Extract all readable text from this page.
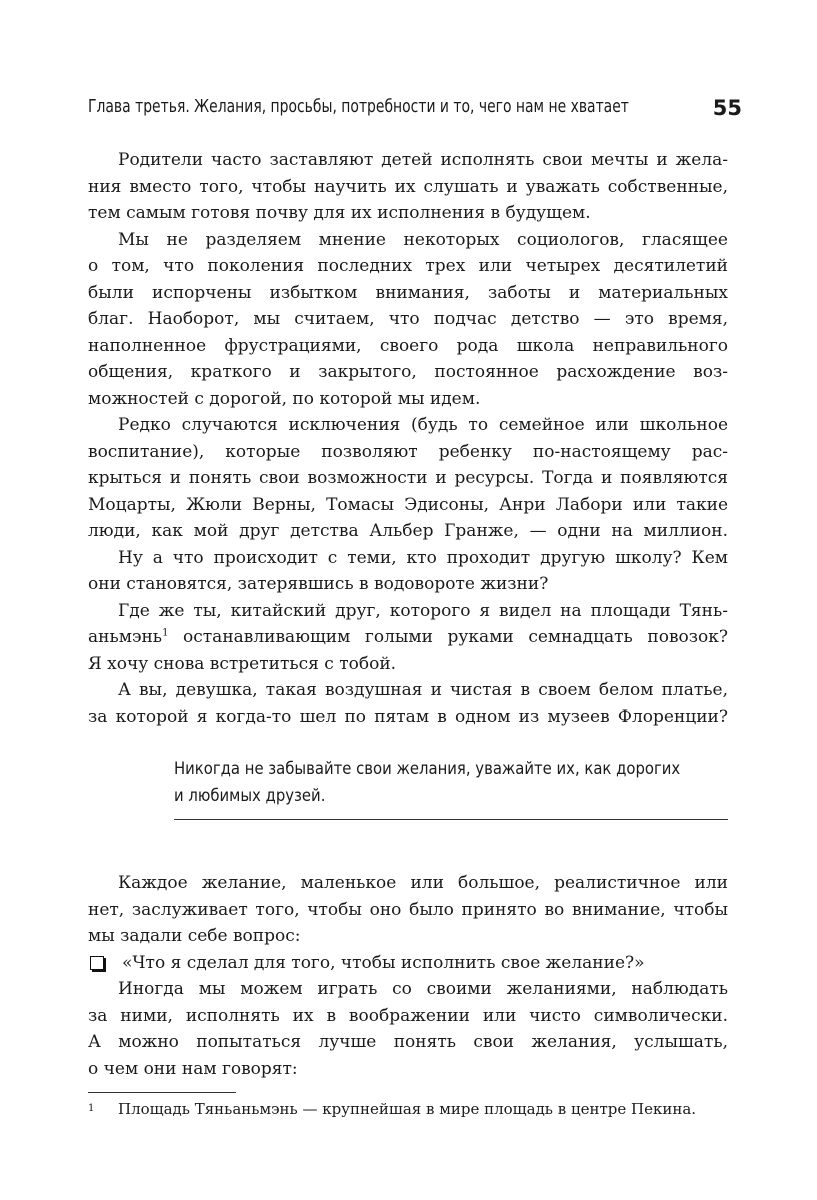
Глава третья. Желания, просьбы, потребности и то, чего нам не хватает	55
Родители часто заставляют детей исполнять свои мечты и жела-
ния вместо того, чтобы научить их слушать и уважать собственные,
тем самым готовя почву для их исполнения в будущем.
Мы не разделяем мнение некоторых социологов, гласящее
о том, что поколения последних трех или четырех десятилетий
были испорчены избытком внимания, заботы и материальных
благ. Наоборот, мы считаем, что подчас детство — это время,
наполненное фрустрациями, своего рода школа неправильного
общения, краткого и закрытого, постоянное расхождение воз-
можностей с дорогой, по которой мы идем.
Редко случаются исключения (будь то семейное или школьное
воспитание), которые позволяют ребенку по-настоящему рас-
крыться и понять свои возможности и ресурсы. Тогда и появляются
Моцарты, Жюли Верны, Томасы Эдисоны, Анри Лабори или такие
люди, как мой друг детства Альбер Гранже, — одни на миллион.
Ну а что происходит с теми, кто проходит другую школу? Кем
они становятся, затерявшись в водовороте жизни?
Где же ты, китайский друг, которого я видел на площади Тянь-
аньмэнь$^1$ останавливающим голыми руками семнадцать повозок?
Я хочу снова встретиться с тобой.
А вы, девушка, такая воздушная и чистая в своем белом платье,
за которой я когда-то шел по пятам в одном из музеев Флоренции?
Никогда не забывайте свои желания, уважайте их, как дорогих
и любимых друзей.
Каждое желание, маленькое или большое, реалистичное или
нет, заслуживает того, чтобы оно было принято во внимание, чтобы
мы задали себе вопрос:
«Что я сделал для того, чтобы исполнить свое желание?»
Иногда мы можем играть со своими желаниями, наблюдать
за ними, исполнять их в воображении или чисто символически.
А можно попытаться лучше понять свои желания, услышать,
о чем они нам говорят:
1	Площадь Тяньаньмэнь — крупнейшая в мире площадь в центре Пекина.
